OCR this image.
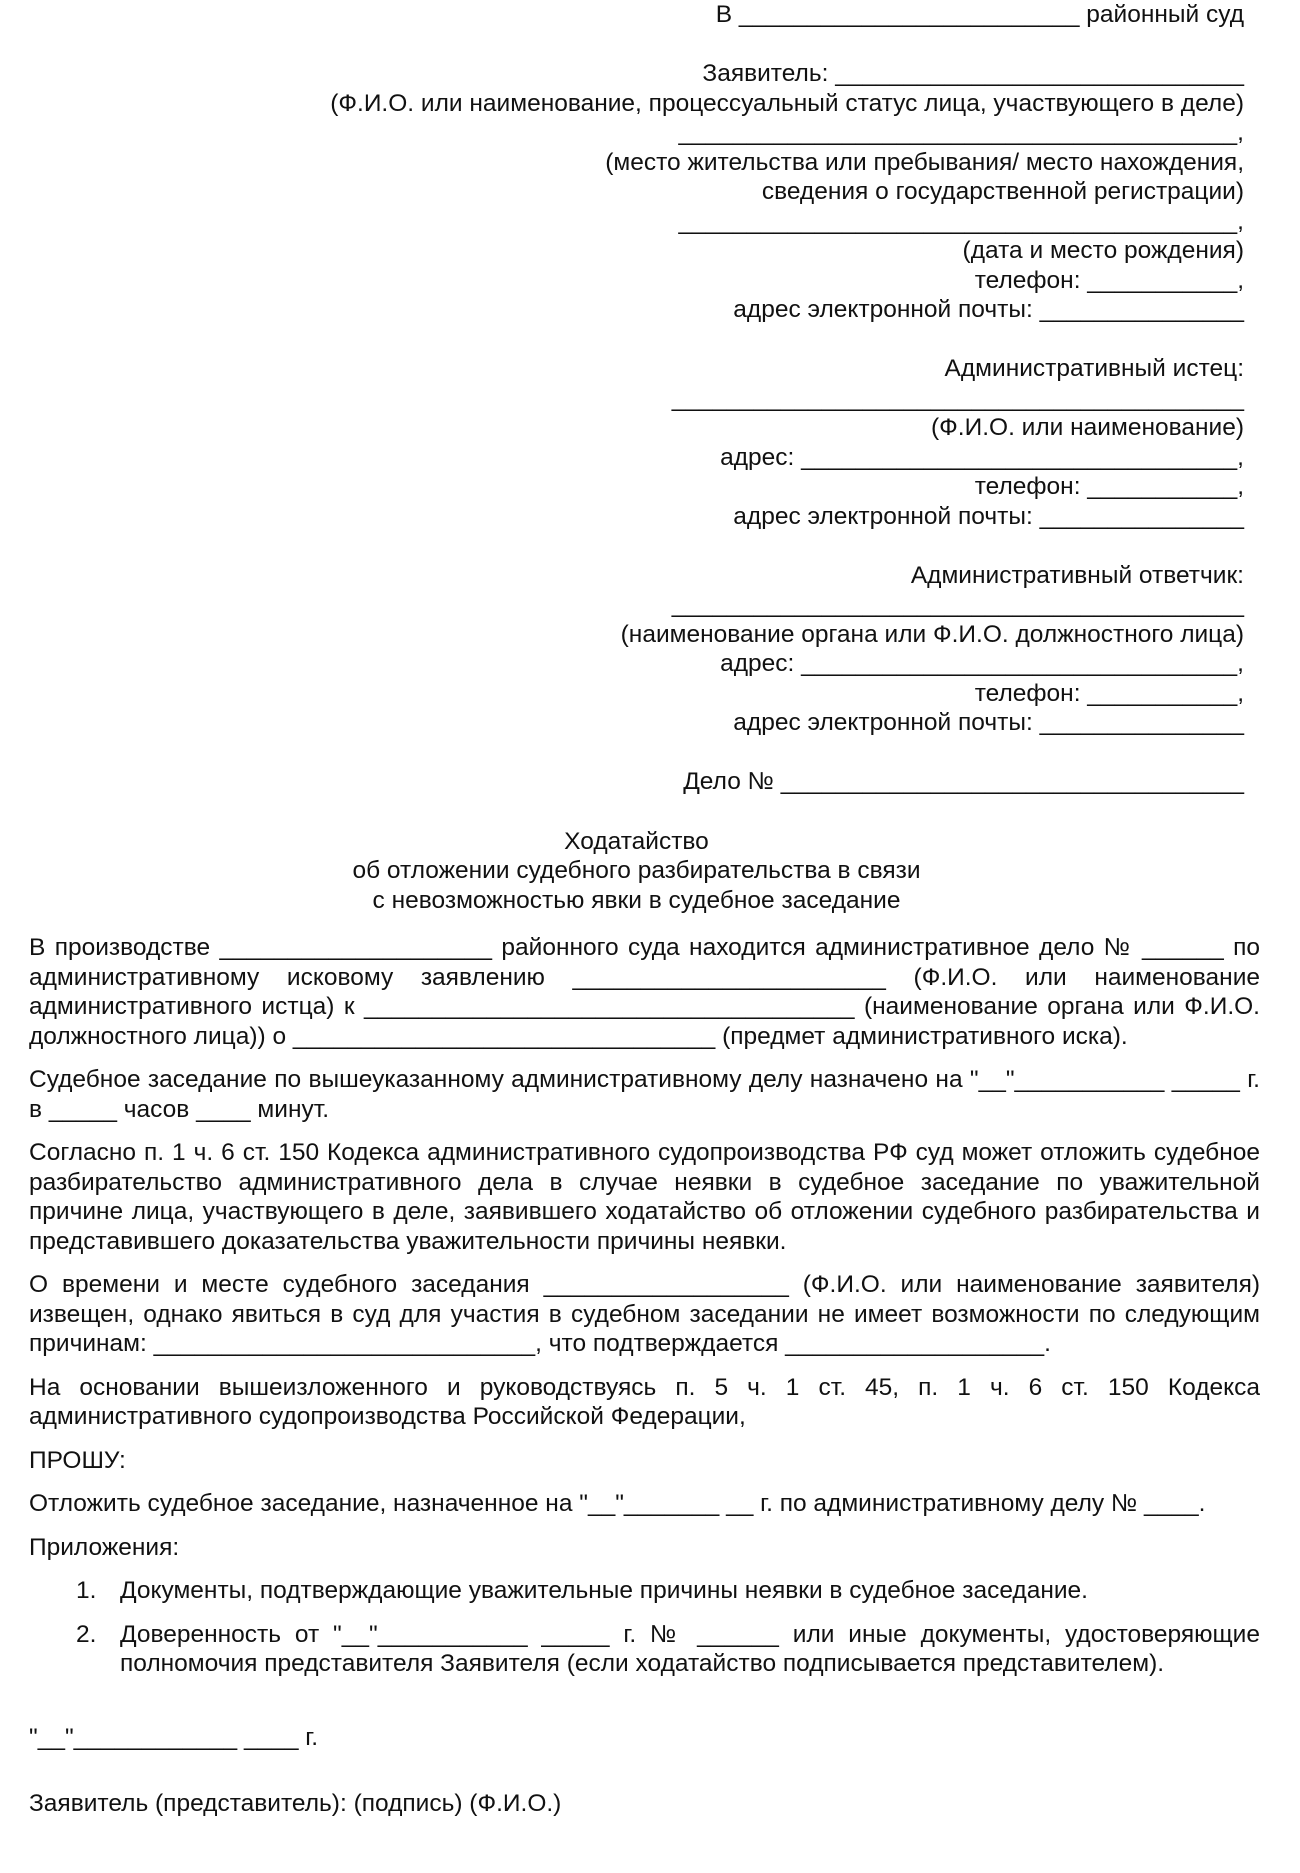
В _________________________ районный суд
Заявитель: ______________________________
(Ф.И.О. или наименование, процессуальный статус лица, участвующего в деле)
_________________________________________,
(место жительства или пребывания/ место нахождения,
сведения о государственной регистрации)
_________________________________________,
(дата и место рождения)
телефон: ___________,
адрес электронной почты: _______________
Административный истец:
__________________________________________
(Ф.И.О. или наименование)
адрес: ________________________________,
телефон: ___________,
адрес электронной почты: _______________
Административный ответчик:
__________________________________________
(наименование органа или Ф.И.О. должностного лица)
адрес: ________________________________,
телефон: ___________,
адрес электронной почты: _______________
Дело № __________________________________
Ходатайство
об отложении судебного разбирательства в связи
с невозможностью явки в судебное заседание

В производстве ____________________ районного суда находится административное дело № ______ по административному исковому заявлению _______________________ (Ф.И.О. или наименование административного истца) к ____________________________________ (наименование органа или Ф.И.О. должностного лица)) о _______________________________ (предмет административного иска).

Судебное заседание по вышеуказанному административному делу назначено на "__"___________ _____ г. в _____ часов ____ минут.

Согласно п. 1 ч. 6 ст. 150 Кодекса административного судопроизводства РФ суд может отложить судебное разбирательство административного дела в случае неявки в судебное заседание по уважительной причине лица, участвующего в деле, заявившего ходатайство об отложении судебного разбирательства и представившего доказательства уважительности причины неявки.

О времени и месте судебного заседания __________________ (Ф.И.О. или наименование заявителя) извещен, однако явиться в суд для участия в судебном заседании не имеет возможности по следующим причинам: ____________________________, что подтверждается ___________________.

На основании вышеизложенного и руководствуясь п. 5 ч. 1 ст. 45, п. 1 ч. 6 ст. 150 Кодекса административного судопроизводства Российской Федерации,

ПРОШУ:

Отложить судебное заседание, назначенное на "__"_______ __ г. по административному делу № ____.

Приложения:

1. Документы, подтверждающие уважительные причины неявки в судебное заседание.
2. Доверенность от "__"___________ _____ г. № ______ или иные документы, удостоверяющие полномочия представителя Заявителя (если ходатайство подписывается представителем).
"__"____________ ____ г.
Заявитель (представитель): (подпись) (Ф.И.О.)
